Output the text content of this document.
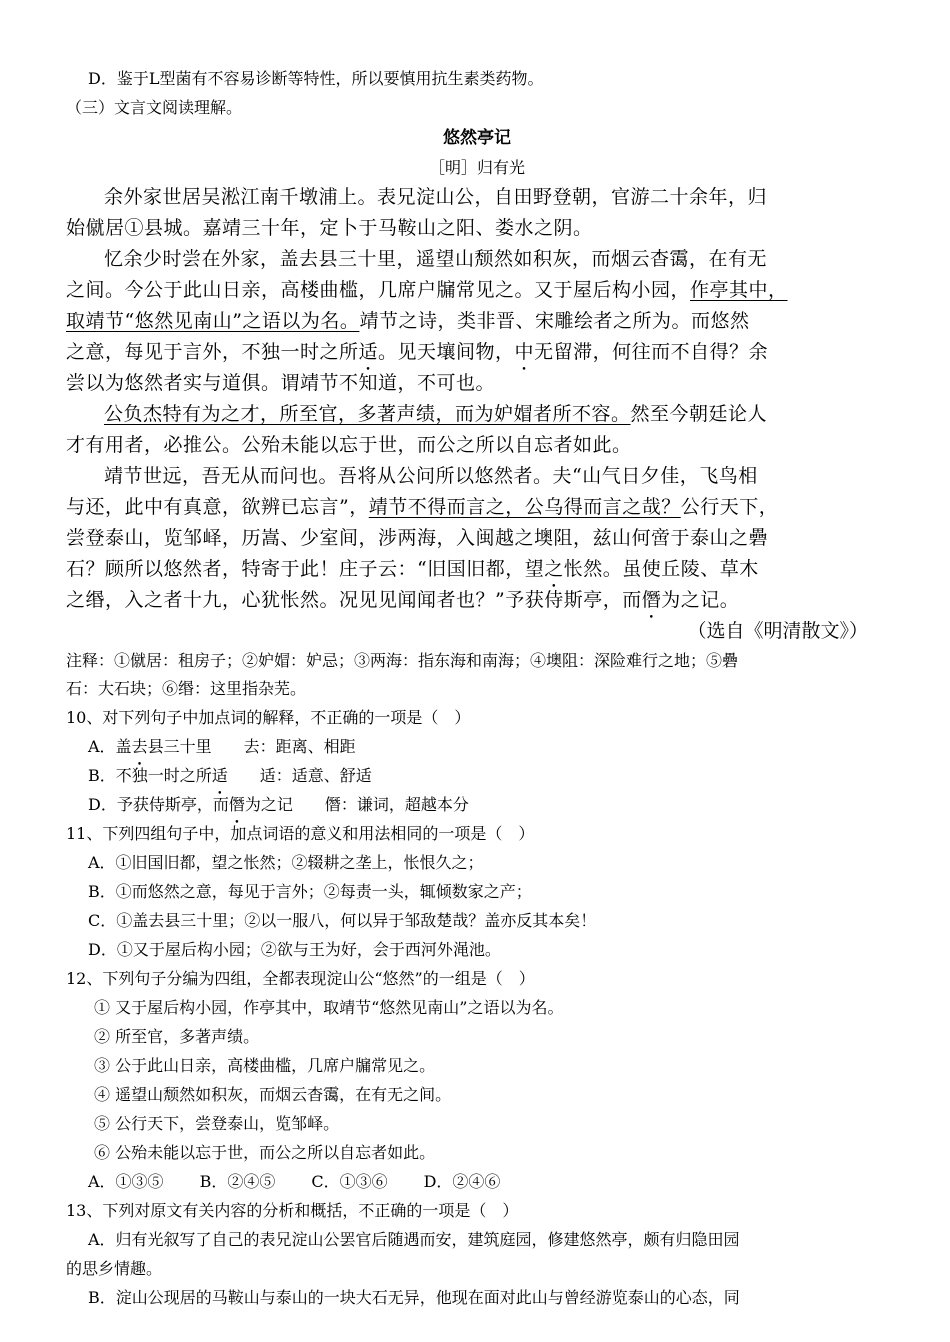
D．鉴于L型菌有不容易诊断等特性，所以要慎用抗生素类药物。
（三）文言文阅读理解。
悠然亭记
［明］归有光
余外家世居吴淞江南千墩浦上。表兄淀山公，自田野登朝，官游二十余年，归
始僦居①县城。嘉靖三十年，定卜于马鞍山之阳、娄水之阴。
忆余少时尝在外家，盖去县三十里，遥望山颓然如积灰，而烟云杳霭，在有无
之间。今公于此山日亲，高楼曲槛，几席户牖常见之。又于屋后构小园，作亭其中，
取靖节“悠然见南山”之语以为名。靖节之诗，类非晋、宋雕绘者之所为。而悠然
之意，每见于言外，不独一时之所适。见天壤间物，中无留滞，何往而不自得？余
尝以为悠然者实与道俱。谓靖节不知道，不可也。
公负杰特有为之才，所至官，多著声绩，而为妒媢者所不容。然至今朝廷论人
才有用者，必推公。公殆未能以忘于世，而公之所以自忘者如此。
靖节世远，吾无从而问也。吾将从公问所以悠然者。夫“山气日夕佳，飞鸟相
与还，此中有真意，欲辨已忘言”，靖节不得而言之，公乌得而言之哉？公行天下，
尝登泰山，览邹峄，历嵩、少室间，涉两海，入闽越之墺阻，兹山何啻于泰山之礨
石？顾所以悠然者，特寄于此！庄子云：“旧国旧都，望之怅然。虽使丘陵、草木
之缗，入之者十九，心犹怅然。况见见闻闻者也？”予获侍斯亭，而僭为之记。
（选自《明清散文》）
注释：①僦居：租房子；②妒媢：妒忌；③两海：指东海和南海；④墺阻：深险难行之地；⑤礨
石：大石块；⑥缗：这里指杂芜。
10、对下列句子中加点词的解释，不正确的一项是（　）
A．盖去县三十里　　去：距离、相距
B．不独一时之所适　　适：适意、舒适
D．予获侍斯亭，而僭为之记　　僭：谦词，超越本分
11、下列四组句子中，加点词语的意义和用法相同的一项是（　）
A．①旧国旧都，望之怅然；②辍耕之垄上，怅恨久之；
B．①而悠然之意，每见于言外；②每责一头，辄倾数家之产；
C．①盖去县三十里；②以一服八，何以异于邹敌楚哉？盖亦反其本矣！
D．①又于屋后构小园；②欲与王为好，会于西河外渑池。
12、下列句子分编为四组，全都表现淀山公“悠然”的一组是（　）
① 又于屋后构小园，作亭其中，取靖节“悠然见南山”之语以为名。
② 所至官，多著声绩。
③ 公于此山日亲，高楼曲槛，几席户牖常见之。
④ 遥望山颓然如积灰，而烟云杳霭，在有无之间。
⑤ 公行天下，尝登泰山，览邹峄。
⑥ 公殆未能以忘于世，而公之所以自忘者如此。
A．①③⑤ B．②④⑤ C．①③⑥ D．②④⑥
13、下列对原文有关内容的分析和概括，不正确的一项是（　）
A．归有光叙写了自己的表兄淀山公罢官后随遇而安，建筑庭园，修建悠然亭，颇有归隐田园
的思乡情趣。
B．淀山公现居的马鞍山与泰山的一块大石无异，他现在面对此山与曾经游览泰山的心态，同
